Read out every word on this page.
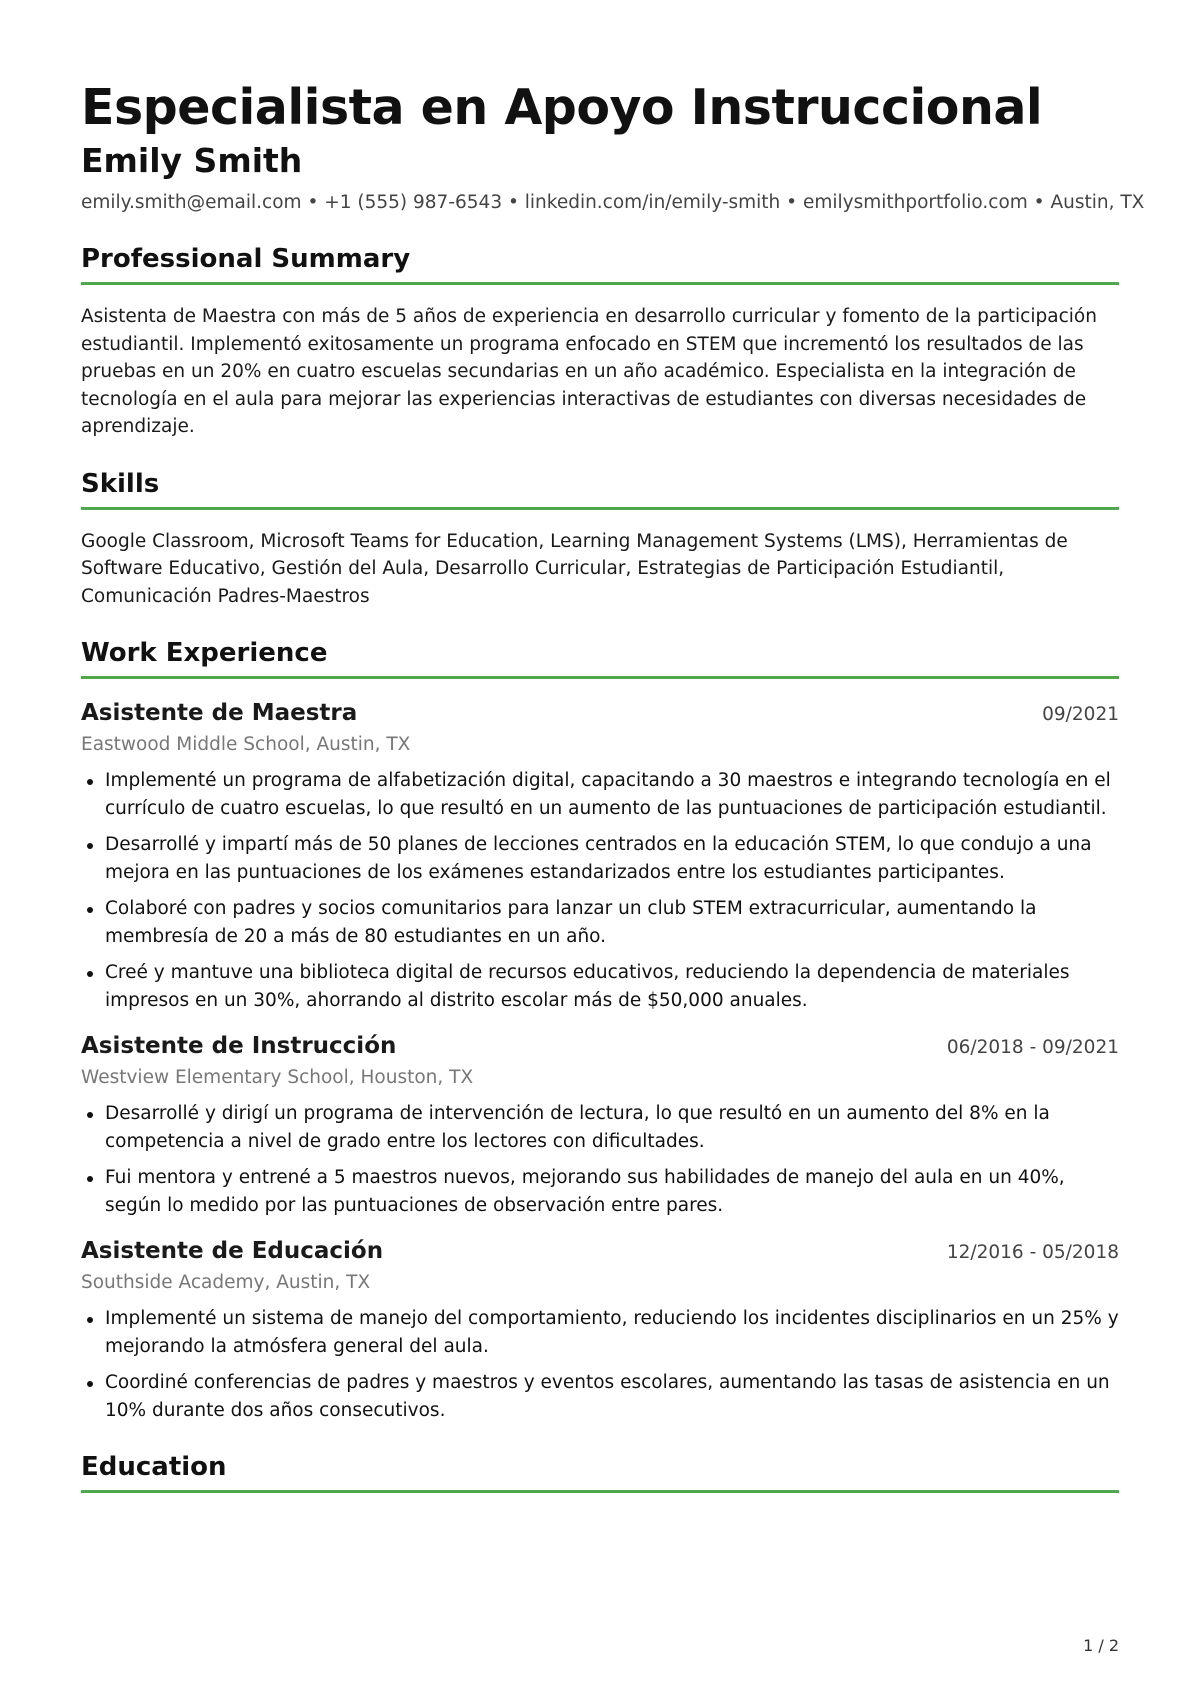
Especialista en Apoyo Instruccional
Emily Smith
emily.smith@email.com • +1 (555) 987-6543 • linkedin.com/in/emily-smith • emilysmithportfolio.com • Austin, TX
Professional Summary

Asistenta de Maestra con más de 5 años de experiencia en desarrollo curricular y fomento de la participación estudiantil. Implementó exitosamente un programa enfocado en STEM que incrementó los resultados de las pruebas en un 20% en cuatro escuelas secundarias en un año académico. Especialista en la integración de tecnología en el aula para mejorar las experiencias interactivas de estudiantes con diversas necesidades de aprendizaje.

Skills

Google Classroom, Microsoft Teams for Education, Learning Management Systems (LMS), Herramientas de Software Educativo, Gestión del Aula, Desarrollo Curricular, Estrategias de Participación Estudiantil, Comunicación Padres-Maestros

Work Experience
Asistente de Maestra	09/2021
Eastwood Middle School, Austin, TX
Implementé un programa de alfabetización digital, capacitando a 30 maestros e integrando tecnología en el currículo de cuatro escuelas, lo que resultó en un aumento de las puntuaciones de participación estudiantil.
Desarrollé y impartí más de 50 planes de lecciones centrados en la educación STEM, lo que condujo a una mejora en las puntuaciones de los exámenes estandarizados entre los estudiantes participantes.
Colaboré con padres y socios comunitarios para lanzar un club STEM extracurricular, aumentando la membresía de 20 a más de 80 estudiantes en un año.
Creé y mantuve una biblioteca digital de recursos educativos, reduciendo la dependencia de materiales impresos en un 30%, ahorrando al distrito escolar más de $50,000 anuales.
Asistente de Instrucción	06/2018 - 09/2021
Westview Elementary School, Houston, TX
Desarrollé y dirigí un programa de intervención de lectura, lo que resultó en un aumento del 8% en la competencia a nivel de grado entre los lectores con dificultades.
Fui mentora y entrené a 5 maestros nuevos, mejorando sus habilidades de manejo del aula en un 40%, según lo medido por las puntuaciones de observación entre pares.
Asistente de Educación	12/2016 - 05/2018
Southside Academy, Austin, TX
Implementé un sistema de manejo del comportamiento, reduciendo los incidentes disciplinarios en un 25% y mejorando la atmósfera general del aula.
Coordiné conferencias de padres y maestros y eventos escolares, aumentando las tasas de asistencia en un 10% durante dos años consecutivos.
Education
1 / 2
